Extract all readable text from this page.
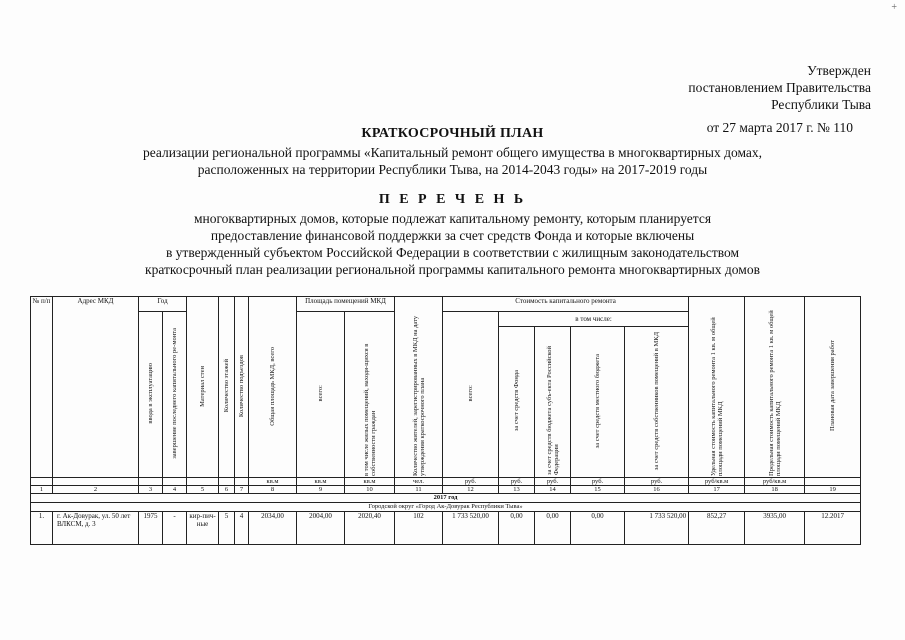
+
Утвержден
постановлением Правительства
Республики Тыва
от 27 марта 2017 г. № 110
КРАТКОСРОЧНЫЙ ПЛАН
реализации региональной программы «Капитальный ремонт общего имущества в многоквартирных домах,
расположенных на территории Республики Тыва, на 2014-2043 годы» на 2017-2019 годы
П Е Р Е Ч Е Н Ь
многоквартирных домов, которые подлежат капитальному ремонту, которым планируется
предоставление финансовой поддержки за счет средств Фонда и которые включены
в утвержденный субъектом Российской Федерации в соответствии с жилищным законодательством
краткосрочный план реализации региональной программы капитального ремонта многоквартирных домов
№ п/п	Адрес МКД	Год		Материал стен	Количество этажей	Количество подъездов	Общая площадь МКД, всего	Площадь помещений МКД		Количество жителей, зарегистрированных в МКД на дату утверждения краткосрочного плана	Стоимость капитального ремонта					Удельная стоимость капитального ремонта 1 кв. м общей площади помещений МКД	Предельная стоимость капитального ремонта 1 кв. м общей площади помещений МКД	Плановая дата завершения работ
		ввода в эксплуатацию	завершение последнего капитального ре-монта					всего:	в том числе жилых помещений, находя-щихся в собственности граждан		всего:	в том числе:						
												за счет средств Фонда	за счет средств бюджета субъ-екта Российской Федерации	за счет средств местного бюджета	за счет средств собственников помещений в МКД			
							кв.м	кв.м	кв.м	чел.	руб.	руб.	руб.	руб.	руб.	руб/кв.м	руб/кв.м	
1	2	3	4	5	6	7	8	9	10	11	12	13	14	15	16	17	18	19
2017 год																		
Городской округ «Город Ак-Довурак Республики Тыва»																		
1.	г. Ак-Довурак, ул. 50 лет ВЛКСМ, д. 3	1975	-	кир-пич-ные	5	4	2034,00	2004,00	2020,40	102	1 733 520,00	0,00	0,00	0,00	1 733 520,00	852,27	3935,00	12.2017
